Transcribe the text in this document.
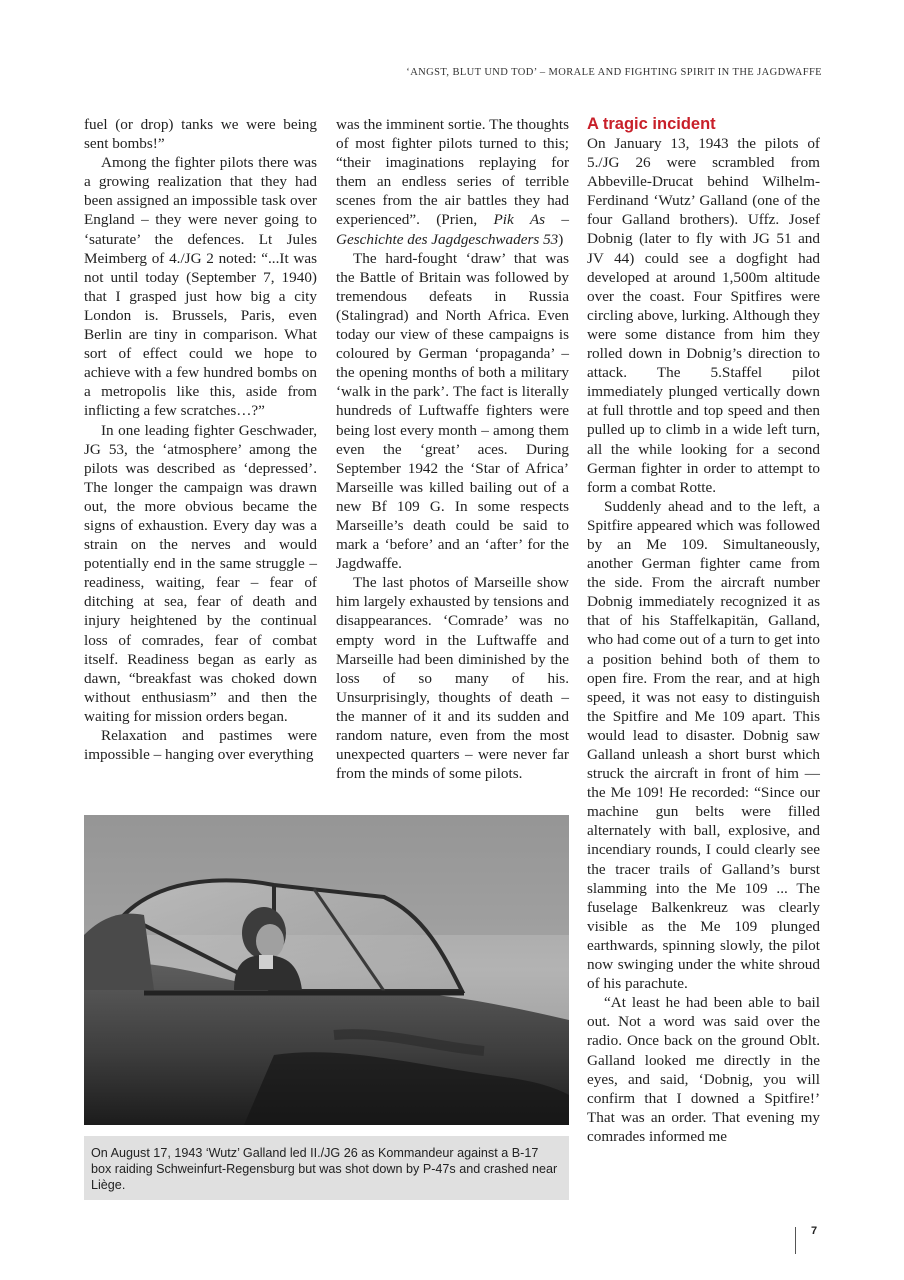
‘ANGST, BLUT UND TOD’ – MORALE AND FIGHTING SPIRIT IN THE JAGDWAFFE

fuel (or drop) tanks we were being sent bombs!”

Among the fighter pilots there was a growing realization that they had been assigned an impossible task over England – they were never going to ‘saturate’ the defences. Lt Jules Meimberg of 4./JG 2 noted: “...It was not until today (September 7, 1940) that I grasped just how big a city London is. Brussels, Paris, even Berlin are tiny in comparison. What sort of effect could we hope to achieve with a few hundred bombs on a metropolis like this, aside from inflicting a few scratches…?”

In one leading fighter Geschwader, JG 53, the ‘atmosphere’ among the pilots was described as ‘depressed’. The longer the campaign was drawn out, the more obvious became the signs of exhaustion. Every day was a strain on the nerves and would potentially end in the same struggle – readiness, waiting, fear – fear of ditching at sea, fear of death and injury heightened by the continual loss of comrades, fear of combat itself. Readiness began as early as dawn, “breakfast was choked down without enthusiasm” and then the waiting for mission orders began.

Relaxation and pastimes were impossible – hanging over everything

was the imminent sortie. The thoughts of most fighter pilots turned to this; “their imaginations replaying for them an endless series of terrible scenes from the air battles they had experienced”. (Prien, Pik As – Geschichte des Jagdgeschwaders 53)

The hard-fought ‘draw’ that was the Battle of Britain was followed by tremendous defeats in Russia (Stalingrad) and North Africa. Even today our view of these campaigns is coloured by German ‘propaganda’ – the opening months of both a military ‘walk in the park’. The fact is literally hundreds of Luftwaffe fighters were being lost every month – among them even the ‘great’ aces. During September 1942 the ‘Star of Africa’ Marseille was killed bailing out of a new Bf 109 G. In some respects Marseille’s death could be said to mark a ‘before’ and an ‘after’ for the Jagdwaffe.

The last photos of Marseille show him largely exhausted by tensions and disappearances. ‘Comrade’ was no empty word in the Luftwaffe and Marseille had been diminished by the loss of so many of his. Unsurprisingly, thoughts of death – the manner of it and its sudden and random nature, even from the most unexpected quarters – were never far from the minds of some pilots.

A tragic incident

On January 13, 1943 the pilots of 5./JG 26 were scrambled from Abbeville-Drucat behind Wilhelm-Ferdinand ‘Wutz’ Galland (one of the four Galland brothers). Uffz. Josef Dobnig (later to fly with JG 51 and JV 44) could see a dogfight had developed at around 1,500m altitude over the coast. Four Spitfires were circling above, lurking. Although they were some distance from him they rolled down in Dobnig’s direction to attack. The 5.Staffel pilot immediately plunged vertically down at full throttle and top speed and then pulled up to climb in a wide left turn, all the while looking for a second German fighter in order to attempt to form a combat Rotte.

Suddenly ahead and to the left, a Spitfire appeared which was followed by an Me 109. Simultaneously, another German fighter came from the side. From the aircraft number Dobnig immediately recognized it as that of his Staffelkapitän, Galland, who had come out of a turn to get into a position behind both of them to open fire. From the rear, and at high speed, it was not easy to distinguish the Spitfire and Me 109 apart. This would lead to disaster. Dobnig saw Galland unleash a short burst which struck the aircraft in front of him — the Me 109! He recorded: “Since our machine gun belts were filled alternately with ball, explosive, and incendiary rounds, I could clearly see the tracer trails of Galland’s burst slamming into the Me 109 ... The fuselage Balkenkreuz was clearly visible as the Me 109 plunged earthwards, spinning slowly, the pilot now swinging under the white shroud of his parachute.

“At least he had been able to bail out. Not a word was said over the radio. Once back on the ground Oblt. Galland looked me directly in the eyes, and said, ‘Dobnig, you will confirm that I downed a Spitfire!’ That was an order. That evening my comrades informed me

On August 17, 1943 ‘Wutz’ Galland led II./JG 26 as Kommandeur against a B-17 box raiding Schweinfurt-Regensburg but was shot down by P-47s and crashed near Liège.
7
